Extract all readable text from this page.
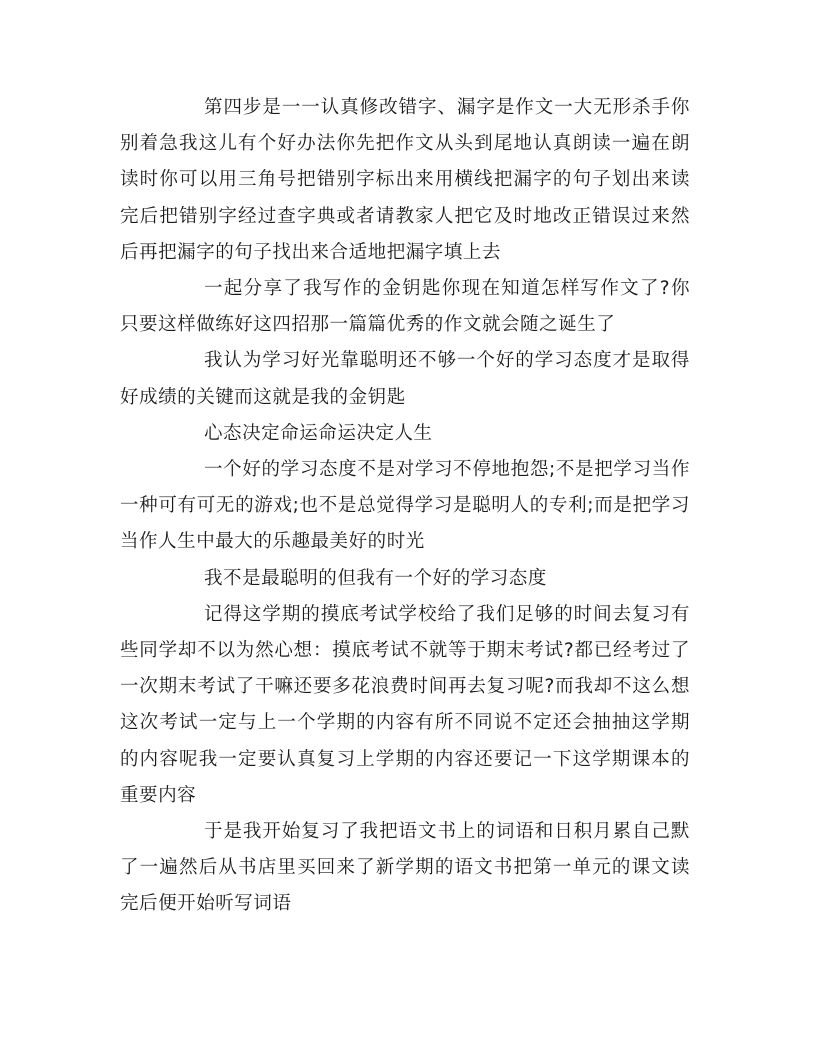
第四步是一一认真修改错字、漏字是作文一大无形杀手你别着急我这儿有个好办法你先把作文从头到尾地认真朗读一遍在朗读时你可以用三角号把错别字标出来用横线把漏字的句子划出来读完后把错别字经过查字典或者请教家人把它及时地改正错误过来然后再把漏字的句子找出来合适地把漏字填上去

一起分享了我写作的金钥匙你现在知道怎样写作文了?你只要这样做练好这四招那一篇篇优秀的作文就会随之诞生了

我认为学习好光靠聪明还不够一个好的学习态度才是取得好成绩的关键而这就是我的金钥匙

心态决定命运命运决定人生

一个好的学习态度不是对学习不停地抱怨;不是把学习当作一种可有可无的游戏;也不是总觉得学习是聪明人的专利;而是把学习当作人生中最大的乐趣最美好的时光

我不是最聪明的但我有一个好的学习态度

记得这学期的摸底考试学校给了我们足够的时间去复习有些同学却不以为然心想：摸底考试不就等于期末考试?都已经考过了一次期末考试了干嘛还要多花浪费时间再去复习呢?而我却不这么想这次考试一定与上一个学期的内容有所不同说不定还会抽抽这学期的内容呢我一定要认真复习上学期的内容还要记一下这学期课本的重要内容

于是我开始复习了我把语文书上的词语和日积月累自己默了一遍然后从书店里买回来了新学期的语文书把第一单元的课文读完后便开始听写词语
